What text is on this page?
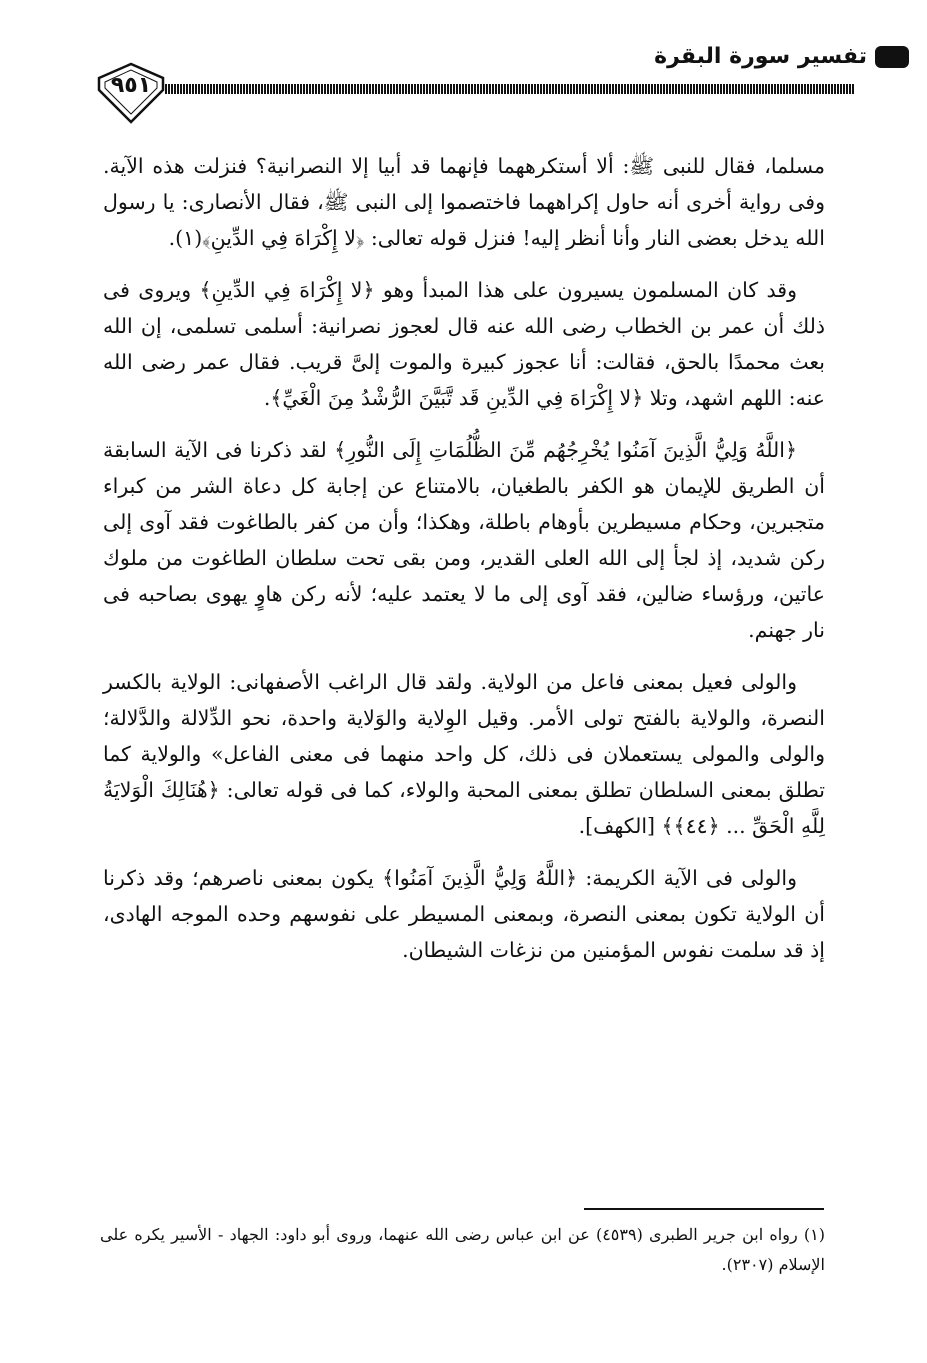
تفسير سورة البقرة
٩٥١

مسلما، فقال للنبى ﷺ: ألا أستكرههما فإنهما قد أبيا إلا النصرانية؟ فنزلت هذه الآية. وفى رواية أخرى أنه حاول إكراههما فاختصموا إلى النبى ﷺ، فقال الأنصارى: يا رسول الله يدخل بعضى النار وأنا أنظر إليه! فنزل قوله تعالى: ﴿لا إِكْرَاهَ فِي الدِّينِ﴾(١).

وقد كان المسلمون يسيرون على هذا المبدأ وهو ﴿لا إِكْرَاهَ فِي الدِّينِ﴾ ويروى فى ذلك أن عمر بن الخطاب رضى الله عنه قال لعجوز نصرانية: أسلمى تسلمى، إن الله بعث محمدًا بالحق، فقالت: أنا عجوز كبيرة والموت إلىَّ قريب. فقال عمر رضى الله عنه: اللهم اشهد، وتلا ﴿لا إِكْرَاهَ فِي الدِّينِ قَد تَّبَيَّنَ الرُّشْدُ مِنَ الْغَيِّ﴾.

﴿اللَّهُ وَلِيُّ الَّذِينَ آمَنُوا يُخْرِجُهُم مِّنَ الظُّلُمَاتِ إِلَى النُّورِ﴾ لقد ذكرنا فى الآية السابقة أن الطريق للإيمان هو الكفر بالطغيان، بالامتناع عن إجابة كل دعاة الشر من كبراء متجبرين، وحكام مسيطرين بأوهام باطلة، وهكذا؛ وأن من كفر بالطاغوت فقد آوى إلى ركن شديد، إذ لجأ إلى الله العلى القدير، ومن بقى تحت سلطان الطاغوت من ملوك عاتين، ورؤساء ضالين، فقد آوى إلى ما لا يعتمد عليه؛ لأنه ركن هاوٍ يهوى بصاحبه فى نار جهنم.

والولى فعيل بمعنى فاعل من الولاية. ولقد قال الراغب الأصفهانى: الولاية بالكسر النصرة، والولاية بالفتح تولى الأمر. وقيل الوِلاية والوَلاية واحدة، نحو الدِّلالة والدَّلالة؛ والولى والمولى يستعملان فى ذلك، كل واحد منهما فى معنى الفاعل» والولاية كما تطلق بمعنى السلطان تطلق بمعنى المحبة والولاء، كما فى قوله تعالى: ﴿هُنَالِكَ الْوَلايَةُ لِلَّهِ الْحَقِّ ... ﴿٤٤﴾﴾ [الكهف].

والولى فى الآية الكريمة: ﴿اللَّهُ وَلِيُّ الَّذِينَ آمَنُوا﴾ يكون بمعنى ناصرهم؛ وقد ذكرنا أن الولاية تكون بمعنى النصرة، وبمعنى المسيطر على نفوسهم وحده الموجه الهادى، إذ قد سلمت نفوس المؤمنين من نزغات الشيطان.

(١) رواه ابن جرير الطبرى (٤٥٣٩) عن ابن عباس رضى الله عنهما، وروى أبو داود: الجهاد - الأسير يكره على الإسلام (٢٣٠٧).
